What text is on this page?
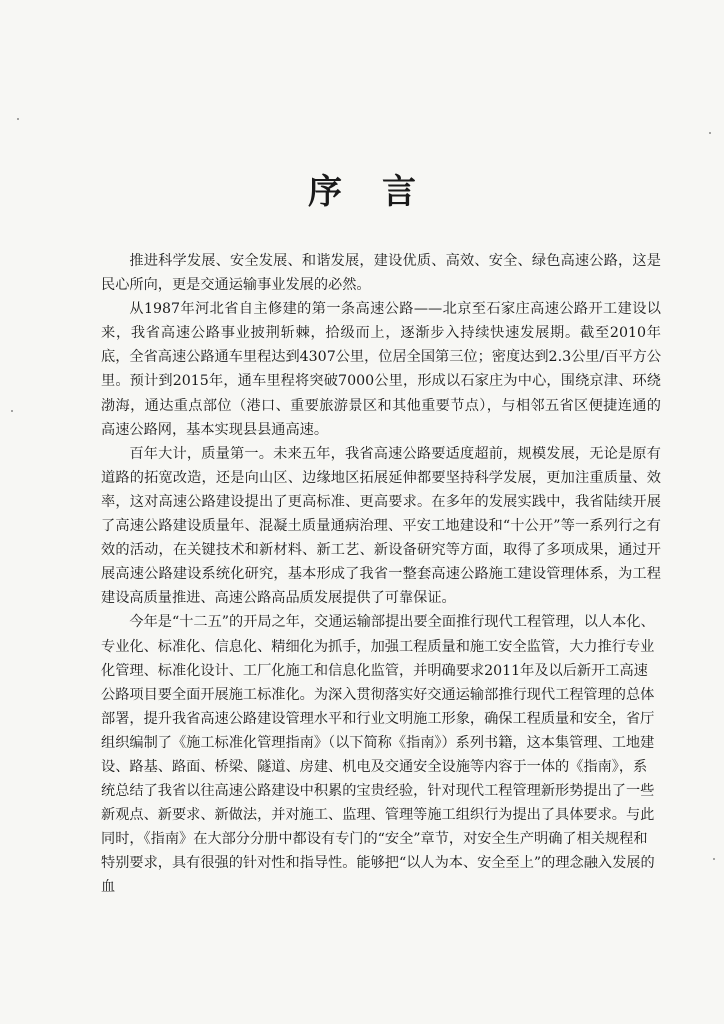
序言

推进科学发展、安全发展、和谐发展，建设优质、高效、安全、绿色高速公路，这是民心所向，更是交通运输事业发展的必然。

从1987年河北省自主修建的第一条高速公路——北京至石家庄高速公路开工建设以来，我省高速公路事业披荆斩棘，拾级而上，逐渐步入持续快速发展期。截至2010年底，全省高速公路通车里程达到4307公里，位居全国第三位；密度达到2.3公里/百平方公里。预计到2015年，通车里程将突破7000公里，形成以石家庄为中心，围绕京津、环绕渤海，通达重点部位（港口、重要旅游景区和其他重要节点），与相邻五省区便捷连通的高速公路网，基本实现县县通高速。

百年大计，质量第一。未来五年，我省高速公路要适度超前，规模发展，无论是原有道路的拓宽改造，还是向山区、边缘地区拓展延伸都要坚持科学发展，更加注重质量、效率，这对高速公路建设提出了更高标准、更高要求。在多年的发展实践中，我省陆续开展了高速公路建设质量年、混凝土质量通病治理、平安工地建设和“十公开”等一系列行之有效的活动，在关键技术和新材料、新工艺、新设备研究等方面，取得了多项成果，通过开展高速公路建设系统化研究，基本形成了我省一整套高速公路施工建设管理体系，为工程建设高质量推进、高速公路高品质发展提供了可靠保证。

今年是“十二五”的开局之年，交通运输部提出要全面推行现代工程管理，以人本化、专业化、标准化、信息化、精细化为抓手，加强工程质量和施工安全监管，大力推行专业化管理、标准化设计、工厂化施工和信息化监管，并明确要求2011年及以后新开工高速公路项目要全面开展施工标准化。为深入贯彻落实好交通运输部推行现代工程管理的总体部署，提升我省高速公路建设管理水平和行业文明施工形象，确保工程质量和安全，省厅组织编制了《施工标准化管理指南》（以下简称《指南》）系列书籍，这本集管理、工地建设、路基、路面、桥梁、隧道、房建、机电及交通安全设施等内容于一体的《指南》，系统总结了我省以往高速公路建设中积累的宝贵经验，针对现代工程管理新形势提出了一些新观点、新要求、新做法，并对施工、监理、管理等施工组织行为提出了具体要求。与此同时，《指南》在大部分分册中都设有专门的“安全”章节，对安全生产明确了相关规程和特别要求，具有很强的针对性和指导性。能够把“以人为本、安全至上”的理念融入发展的血
